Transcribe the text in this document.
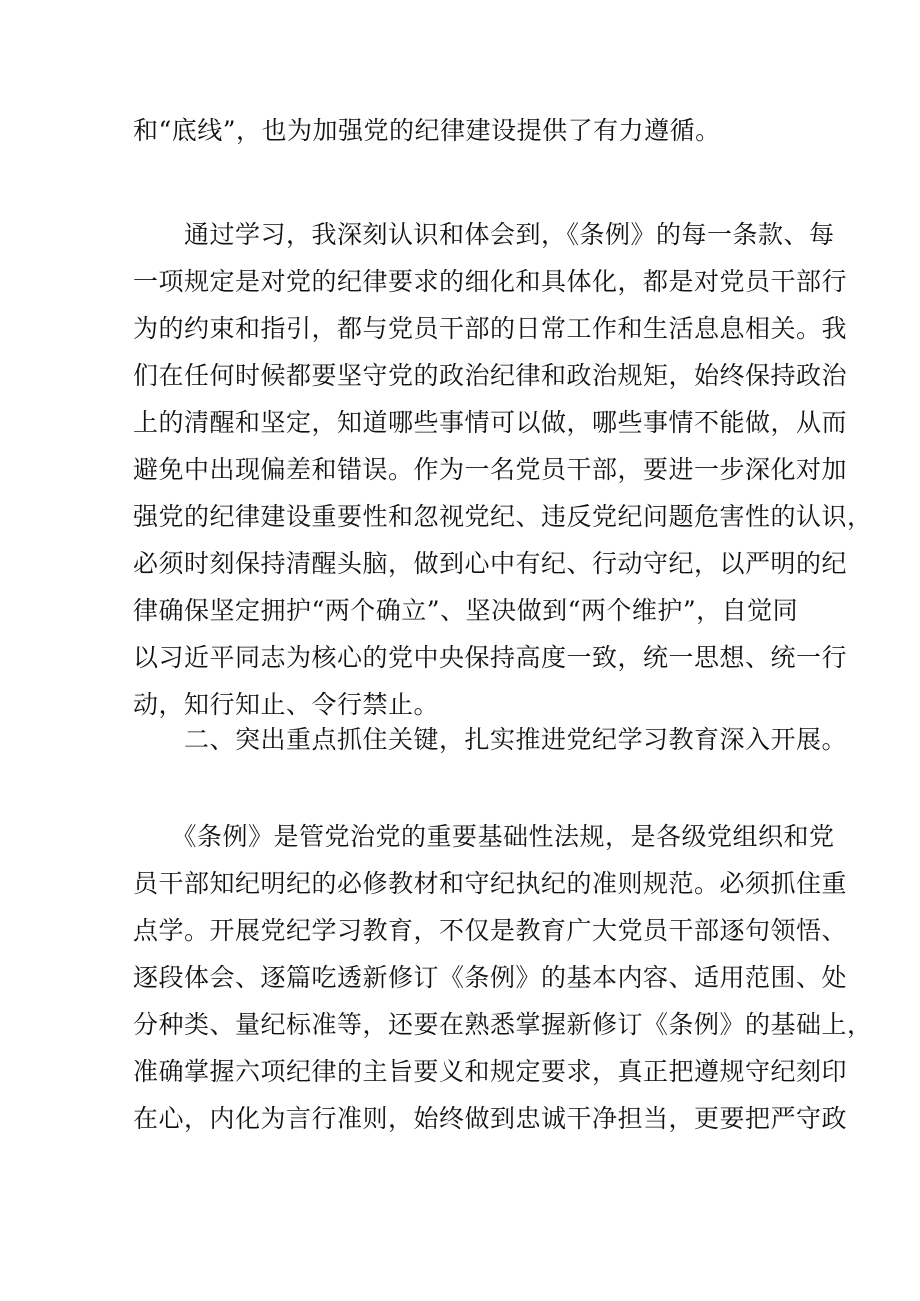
和“底线”，也为加强党的纪律建设提供了有力遵循。
　　通过学习，我深刻认识和体会到，《条例》的每一条款、每
一项规定是对党的纪律要求的细化和具体化，都是对党员干部行
为的约束和指引，都与党员干部的日常工作和生活息息相关。我
们在任何时候都要坚守党的政治纪律和政治规矩，始终保持政治
上的清醒和坚定，知道哪些事情可以做，哪些事情不能做，从而
避免中出现偏差和错误。作为一名党员干部，要进一步深化对加
强党的纪律建设重要性和忽视党纪、违反党纪问题危害性的认识，
必须时刻保持清醒头脑，做到心中有纪、行动守纪，以严明的纪
律确保坚定拥护“两个确立”、坚决做到“两个维护”，自觉同
以习近平同志为核心的党中央保持高度一致，统一思想、统一行
动，知行知止、令行禁止。
　　二、突出重点抓住关键，扎实推进党纪学习教育深入开展。
　　《条例》是管党治党的重要基础性法规，是各级党组织和党
员干部知纪明纪的必修教材和守纪执纪的准则规范。必须抓住重
点学。开展党纪学习教育，不仅是教育广大党员干部逐句领悟、
逐段体会、逐篇吃透新修订《条例》的基本内容、适用范围、处
分种类、量纪标准等，还要在熟悉掌握新修订《条例》的基础上，
准确掌握六项纪律的主旨要义和规定要求，真正把遵规守纪刻印
在心，内化为言行准则，始终做到忠诚干净担当，更要把严守政
